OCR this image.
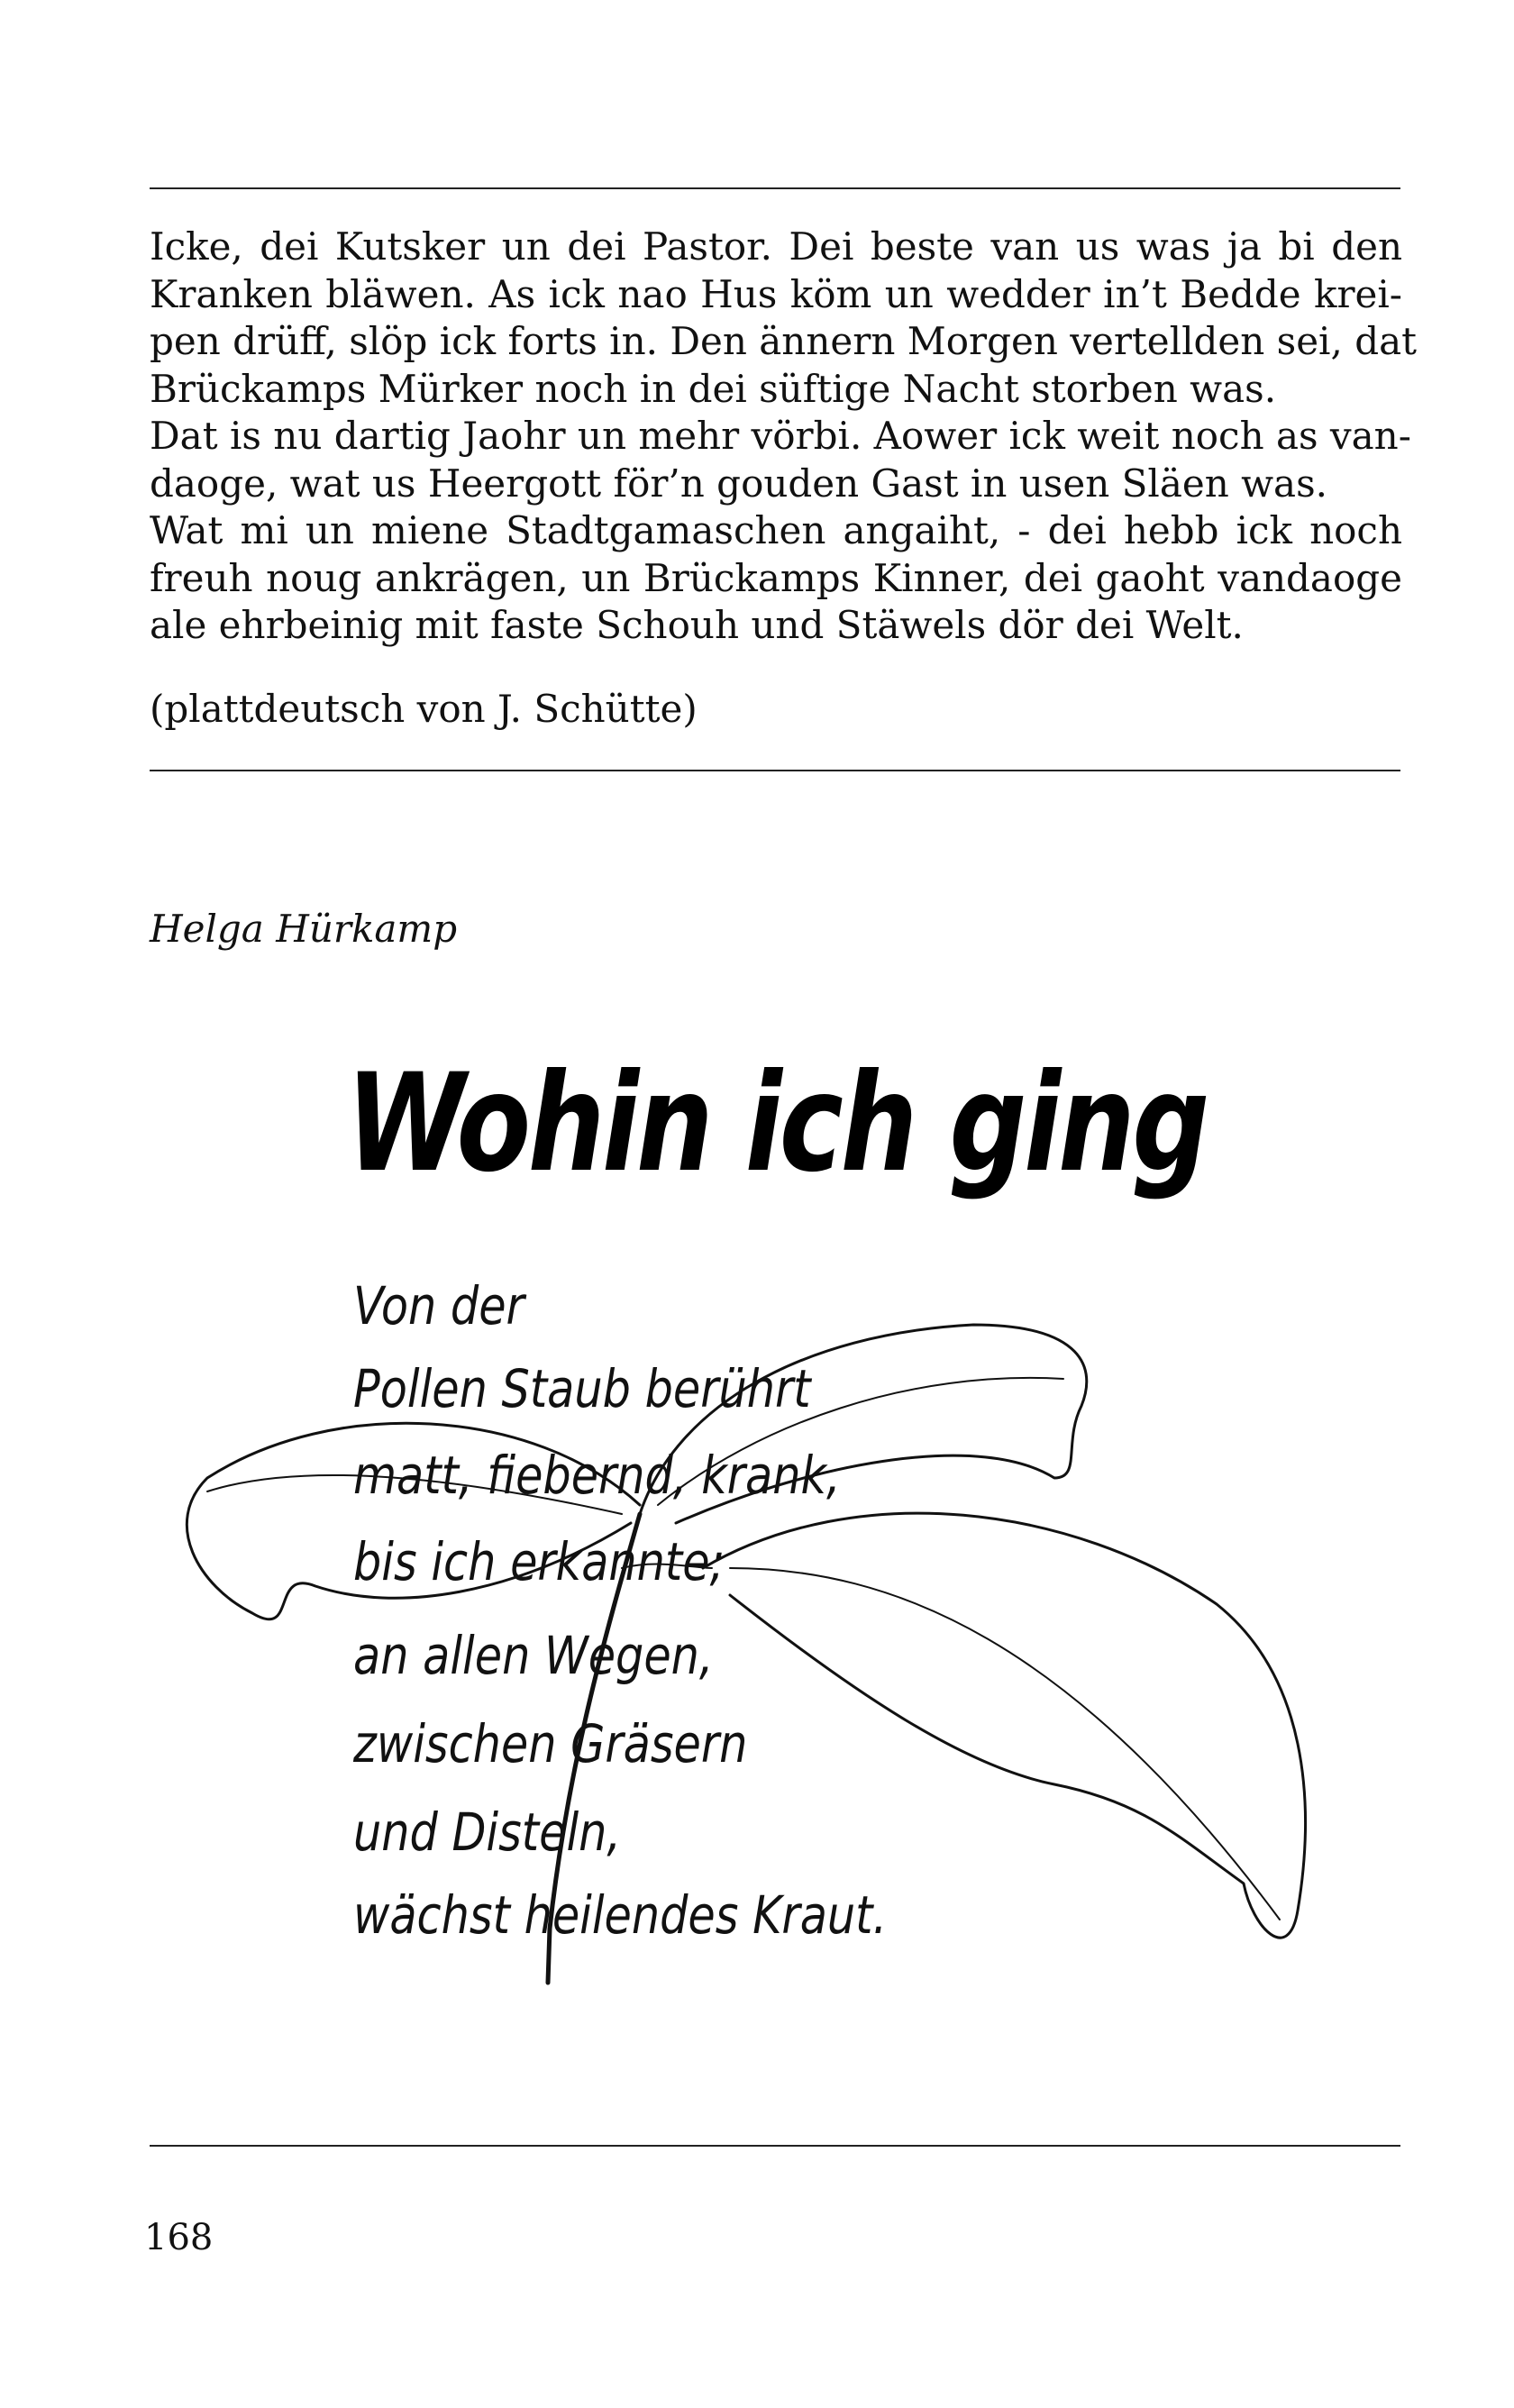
Icke, dei Kutsker un dei Pastor. Dei beste van us was ja bi den
Kranken bläwen. As ick nao Hus köm un wedder in’t Bedde krei-
pen drüff, slöp ick forts in. Den ännern Morgen vertellden sei, dat
Brückamps Mürker noch in dei süftige Nacht storben was.
Dat is nu dartig Jaohr un mehr vörbi. Aower ick weit noch as van-
daoge, wat us Heergott för’n gouden Gast in usen Släen was.
Wat mi un miene Stadtgamaschen angaiht, - dei hebb ick noch
freuh noug ankrägen, un Brückamps Kinner, dei gaoht vandaoge
ale ehrbeinig mit faste Schouh und Stäwels dör dei Welt.
(plattdeutsch von J. Schütte)
Helga Hürkamp
Wohin ich ging
Von der
Pollen Staub berührt
matt, fiebernd, krank,
bis ich erkannte;
an allen Wegen,
zwischen Gräsern
und Disteln,
wächst heilendes Kraut.
168
